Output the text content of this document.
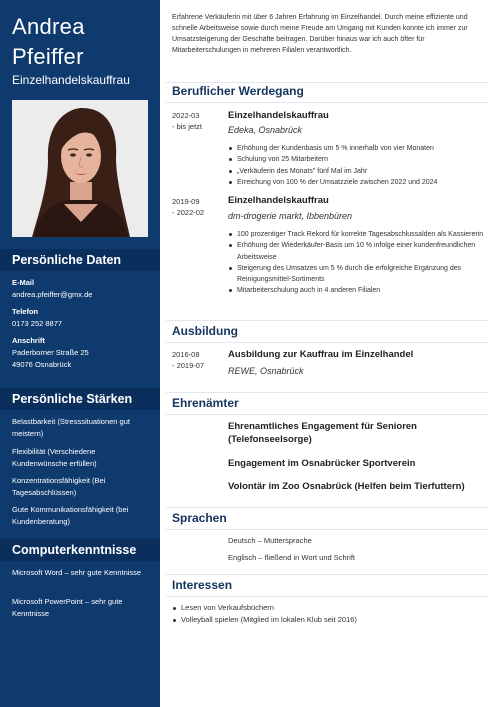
Andrea
Pfeiffer
Einzelhandelskauffrau
Persönliche Daten
E-Mail
andrea.pfeiffer@gmx.de
Telefon
0173 252 8877
Anschrift
Paderborner Straße 25
49076 Osnabrück
Persönliche Stärken
Belastbarkeit (Stresssituationen gut meistern)
Flexibilität (Verschiedene Kundenwünsche erfüllen)
Konzentrationsfähigkeit (Bei Tagesabschlüssen)
Gute Kommunikationsfähigkeit (bei Kundenberatung)
Computerkenntnisse
Microsoft Word – sehr gute Kenntnisse
Microsoft PowerPoint – sehr gute Kenntnisse
Erfahrene Verkäuferin mit über 6 Jahren Erfahrung im Einzelhandel. Durch meine effiziente und schnelle Arbeitsweise sowie durch meine Freude am Umgang mit Kunden konnte ich immer zur Umsatzsteigerung der Geschäfte beitragen. Darüber hinaus war ich auch öfter für Mitarbeiterschulungen in mehreren Filialen verantwortlich.
Beruflicher Werdegang
2022-03
- bis jetzt
Einzelhandelskauffrau
Edeka, Osnabrück
Erhöhung der Kundenbasis um 5 % innerhalb von vier Monaten
Schulung von 25 Mitarbeitern
„Verkäuferin des Monats" fünf Mal im Jahr
Erreichung von 100 % der Umsatzziele zwischen 2022 und 2024
2019-09
- 2022-02
Einzelhandelskauffrau
dm-drogerie markt, Ibbenbüren
100 prozentiger Track Rekord für korrekte Tagesabschlussalden als Kassiererin
Erhöhung der Wiederkäufer-Basis um 10 % infolge einer kundenfreundlichen Arbeitsweise
Steigerung des Umsatzes um 5 % durch die erfolgreiche Ergänzung des Reinigungsmittel-Sortiments
Mitarbeiterschulung auch in 4 anderen Filialen
Ausbildung
2016-08
- 2019-07
Ausbildung zur Kauffrau im Einzelhandel
REWE, Osnabrück
Ehrenämter
Ehrenamtliches Engagement für Senioren (Telefonseelsorge)
Engagement im Osnabrücker Sportverein
Volontär im Zoo Osnabrück (Helfen beim Tierfuttern)
Sprachen
Deutsch – Muttersprache
Englisch – fließend in Wort und Schrift
Interessen
Lesen von Verkaufsbüchern
Volleyball spielen (Mitglied im lokalen Klub seit 2016)
